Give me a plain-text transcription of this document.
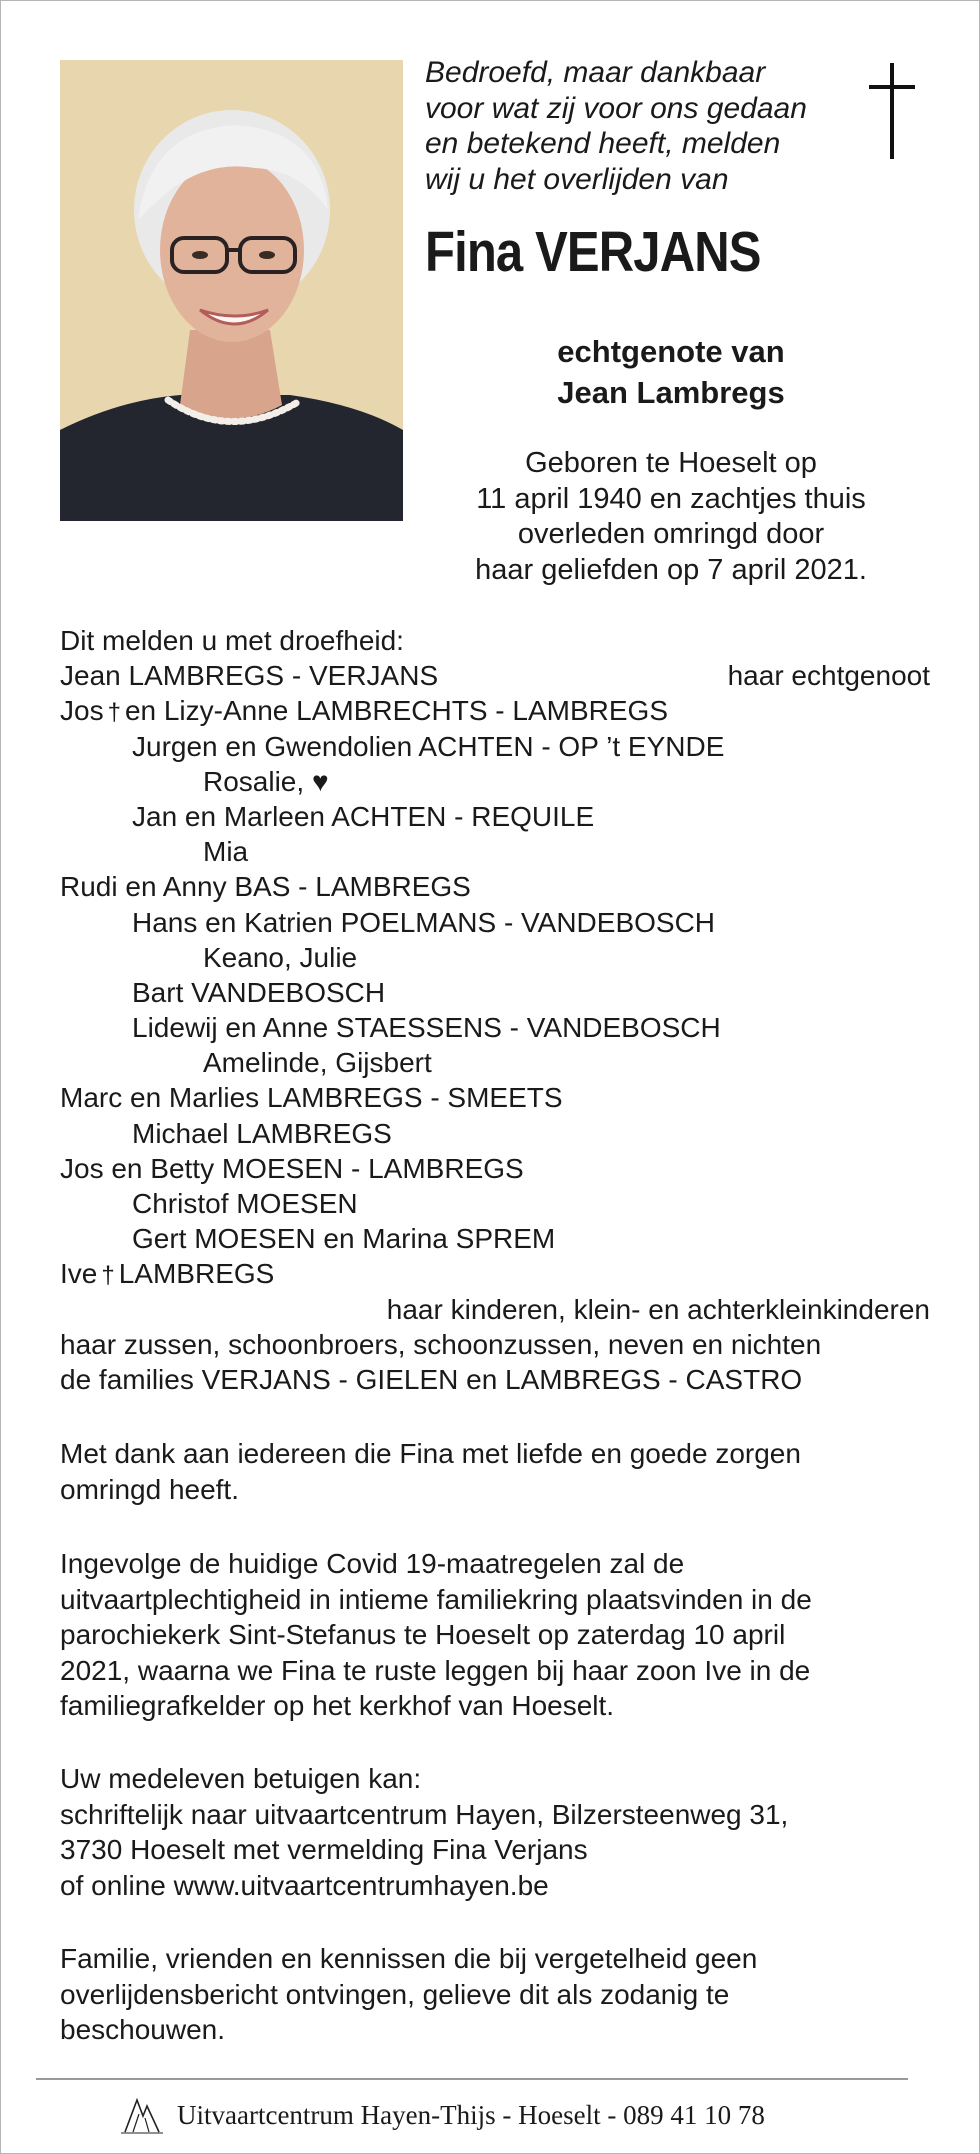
Bedroefd, maar dankbaar
voor wat zij voor ons gedaan
en betekend heeft, melden
wij u het overlijden van
Fina VERJANS
echtgenote van
Jean Lambregs
Geboren te Hoeselt op
11 april 1940 en zachtjes thuis
overleden omringd door
haar geliefden op 7 april 2021.
Dit melden u met droefheid:
Jean LAMBREGS - VERJANS	haar echtgenoot
Jos † en Lizy-Anne LAMBRECHTS - LAMBREGS
Jurgen en Gwendolien ACHTEN - OP ’t EYNDE
Rosalie, ♥
Jan en Marleen ACHTEN - REQUILE
Mia
Rudi en Anny BAS - LAMBREGS
Hans en Katrien POELMANS - VANDEBOSCH
Keano, Julie
Bart VANDEBOSCH
Lidewij en Anne STAESSENS - VANDEBOSCH
Amelinde, Gijsbert
Marc en Marlies LAMBREGS - SMEETS
Michael LAMBREGS
Jos en Betty MOESEN - LAMBREGS
Christof MOESEN
Gert MOESEN en Marina SPREM
Ive † LAMBREGS
haar kinderen, klein- en achterkleinkinderen
haar zussen, schoonbroers, schoonzussen, neven en nichten
de families VERJANS - GIELEN en LAMBREGS - CASTRO
Met dank aan iedereen die Fina met liefde en goede zorgen
omringd heeft.
Ingevolge de huidige Covid 19-maatregelen zal de
uitvaartplechtigheid in intieme familiekring plaatsvinden in de
parochiekerk Sint-Stefanus te Hoeselt op zaterdag 10 april
2021, waarna we Fina te ruste leggen bij haar zoon Ive in de
familiegrafkelder op het kerkhof van Hoeselt.
Uw medeleven betuigen kan:
schriftelijk naar uitvaartcentrum Hayen, Bilzersteenweg 31,
3730 Hoeselt met vermelding Fina Verjans
of online www.uitvaartcentrumhayen.be
Familie, vrienden en kennissen die bij vergetelheid geen
overlijdensbericht ontvingen, gelieve dit als zodanig te
beschouwen.
Uitvaartcentrum Hayen-Thijs - Hoeselt - 089 41 10 78
